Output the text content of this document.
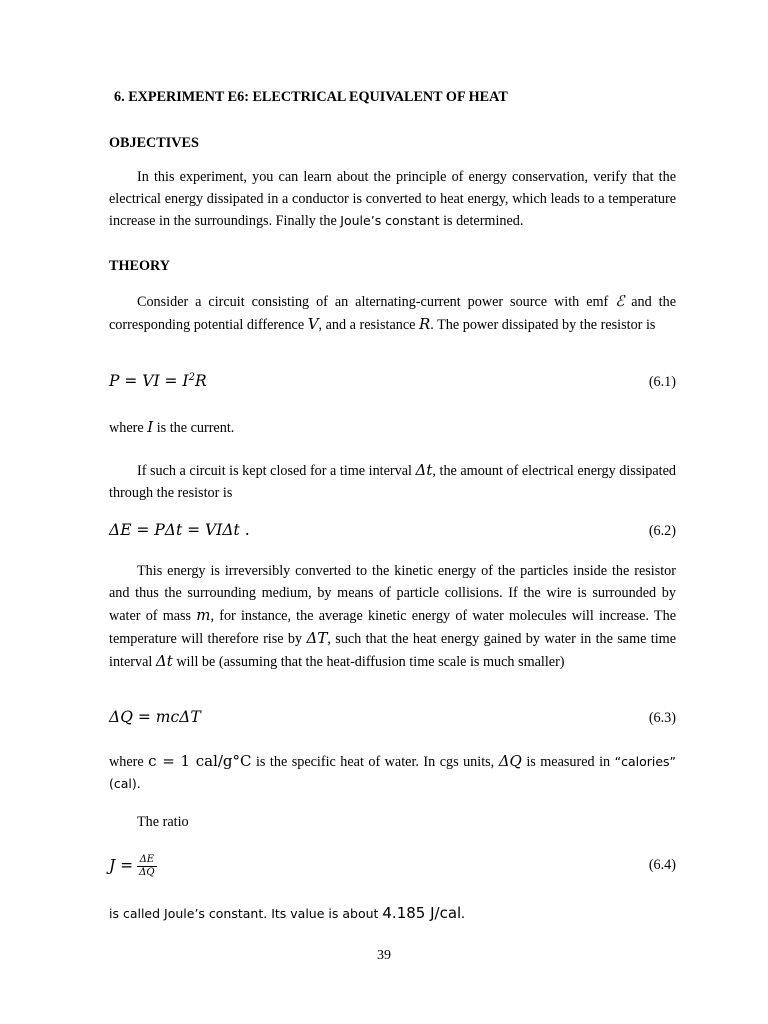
6. EXPERIMENT E6: ELECTRICAL EQUIVALENT OF HEAT
OBJECTIVES
In this experiment, you can learn about the principle of energy conservation, verify that the electrical energy dissipated in a conductor is converted to heat energy, which leads to a temperature increase in the surroundings. Finally the Joule’s constant is determined.
THEORY
Consider a circuit consisting of an alternating-current power source with emf ℰ and the corresponding potential difference V, and a resistance R. The power dissipated by the resistor is
P = VI = $I^2R$	(6.1)
where I is the current.
If such a circuit is kept closed for a time interval Δt, the amount of electrical energy dissipated through the resistor is
ΔE = PΔt = VIΔt .	(6.2)
This energy is irreversibly converted to the kinetic energy of the particles inside the resistor and thus the surrounding medium, by means of particle collisions. If the wire is surrounded by water of mass m, for instance, the average kinetic energy of water molecules will increase. The temperature will therefore rise by ΔT, such that the heat energy gained by water in the same time interval Δt will be (assuming that the heat-diffusion time scale is much smaller)
ΔQ = mcΔT	(6.3)
where c = 1 cal/g°C is the specific heat of water. In cgs units, ΔQ is measured in “calories” (cal).
The ratio
$J = \frac{\Delta E}{\Delta Q}$	(6.4)
is called Joule’s constant. Its value is about 4.185 J/cal.
39
